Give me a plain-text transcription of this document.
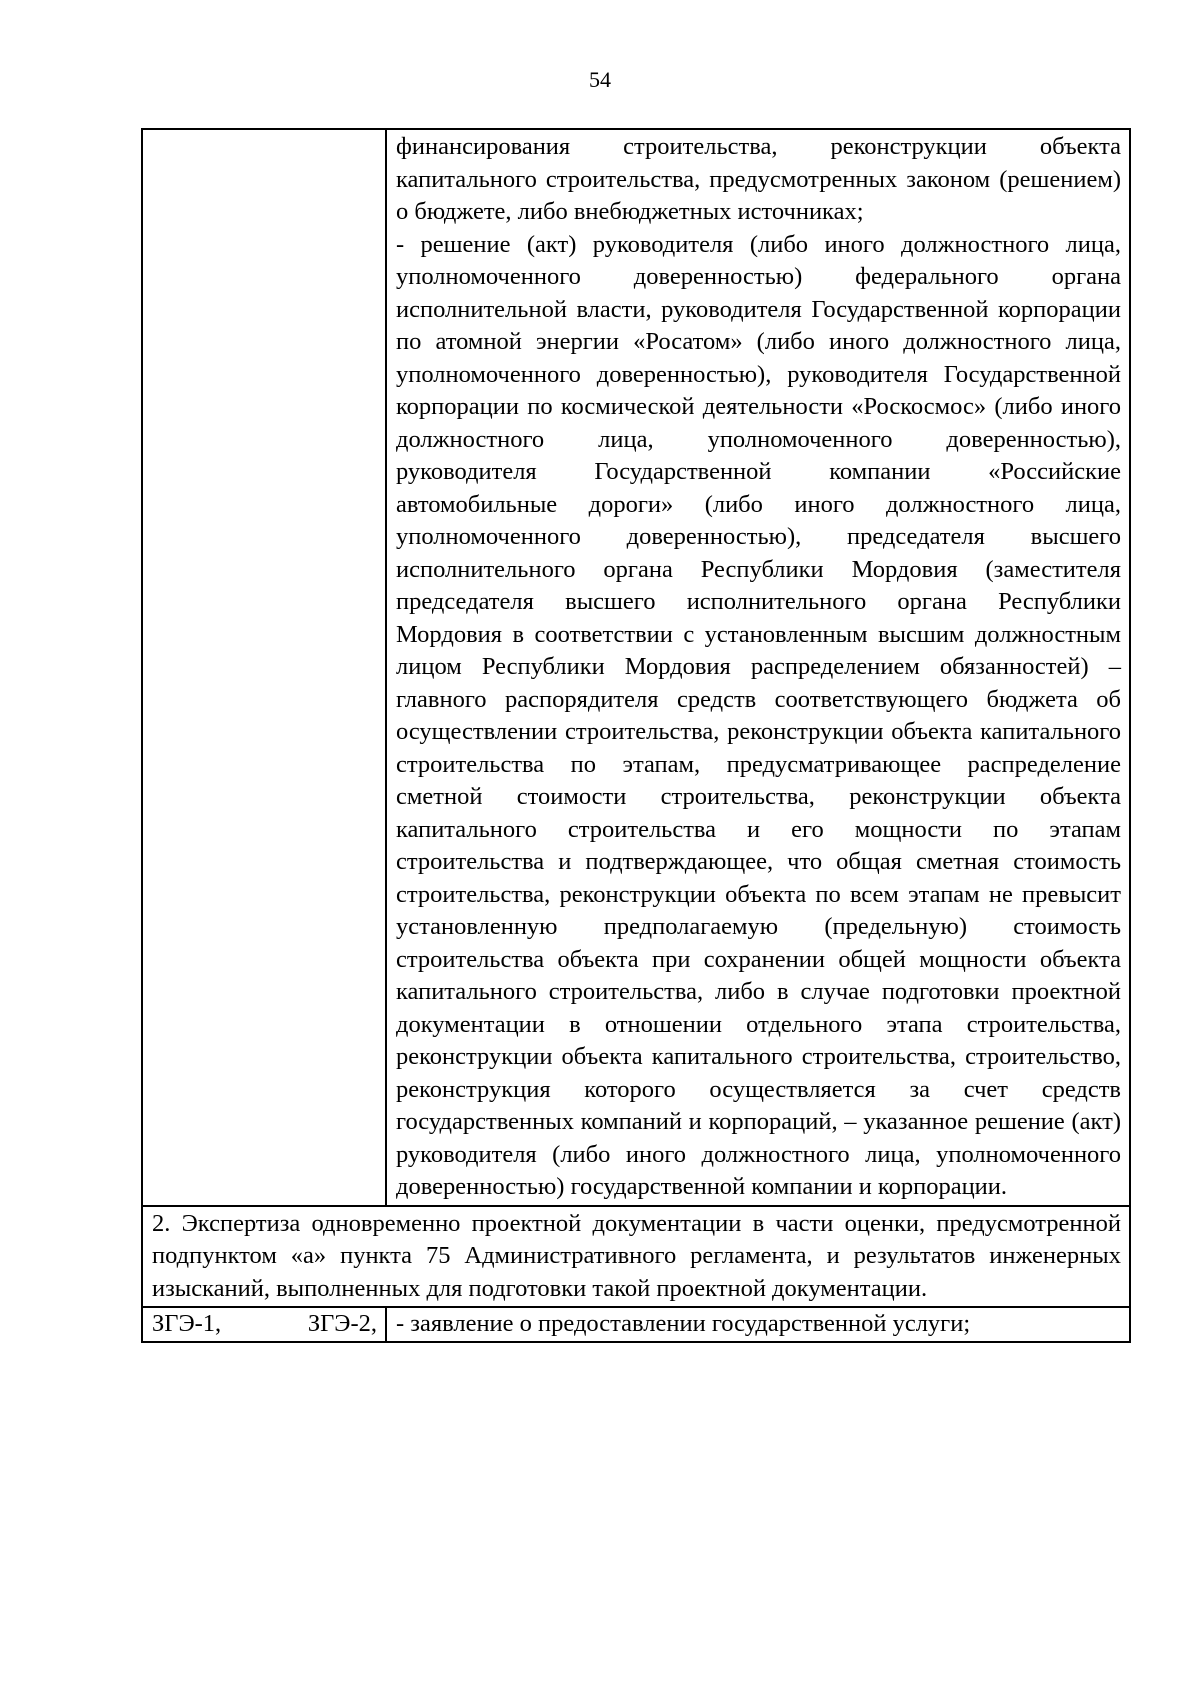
54

	финансирования строительства, реконструкции объекта капитального строительства, предусмотренных законом (решением) о бюджете, либо внебюджетных источниках;

- решение (акт) руководителя (либо иного должностного лица, уполномоченного доверенностью) федерального органа исполнительной власти, руководителя Государственной корпорации по атомной энергии «Росатом» (либо иного должностного лица, уполномоченного доверенностью), руководителя Государственной корпорации по космической деятельности «Роскосмос» (либо иного должностного лица, уполномоченного доверенностью), руководителя Государственной компании «Российские автомобильные дороги» (либо иного должностного лица, уполномоченного доверенностью), председателя высшего исполнительного органа Республики Мордовия (заместителя председателя высшего исполнительного органа Республики Мордовия в соответствии с установленным высшим должностным лицом Республики Мордовия распределением обязанностей) – главного распорядителя средств соответствующего бюджета об осуществлении строительства, реконструкции объекта капитального строительства по этапам, предусматривающее распределение сметной стоимости строительства, реконструкции объекта капитального строительства и его мощности по этапам строительства и подтверждающее, что общая сметная стоимость строительства, реконструкции объекта по всем этапам не превысит установленную предполагаемую (предельную) стоимость строительства объекта при сохранении общей мощности объекта капитального строительства, либо в случае подготовки проектной документации в отношении отдельного этапа строительства, реконструкции объекта капитального строительства, строительство, реконструкция которого осуществляется за счет средств государственных компаний и корпораций, – указанное решение (акт) руководителя (либо иного должностного лица, уполномоченного доверенностью) государственной компании и корпорации.

2. Экспертиза одновременно проектной документации в части оценки, предусмотренной подпунктом «а» пункта 75 Административного регламента, и результатов инженерных изысканий, выполненных для подготовки такой проектной документации.	

ЗГЭ-1, ЗГЭ-2,	- заявление о предоставлении государственной услуги;
